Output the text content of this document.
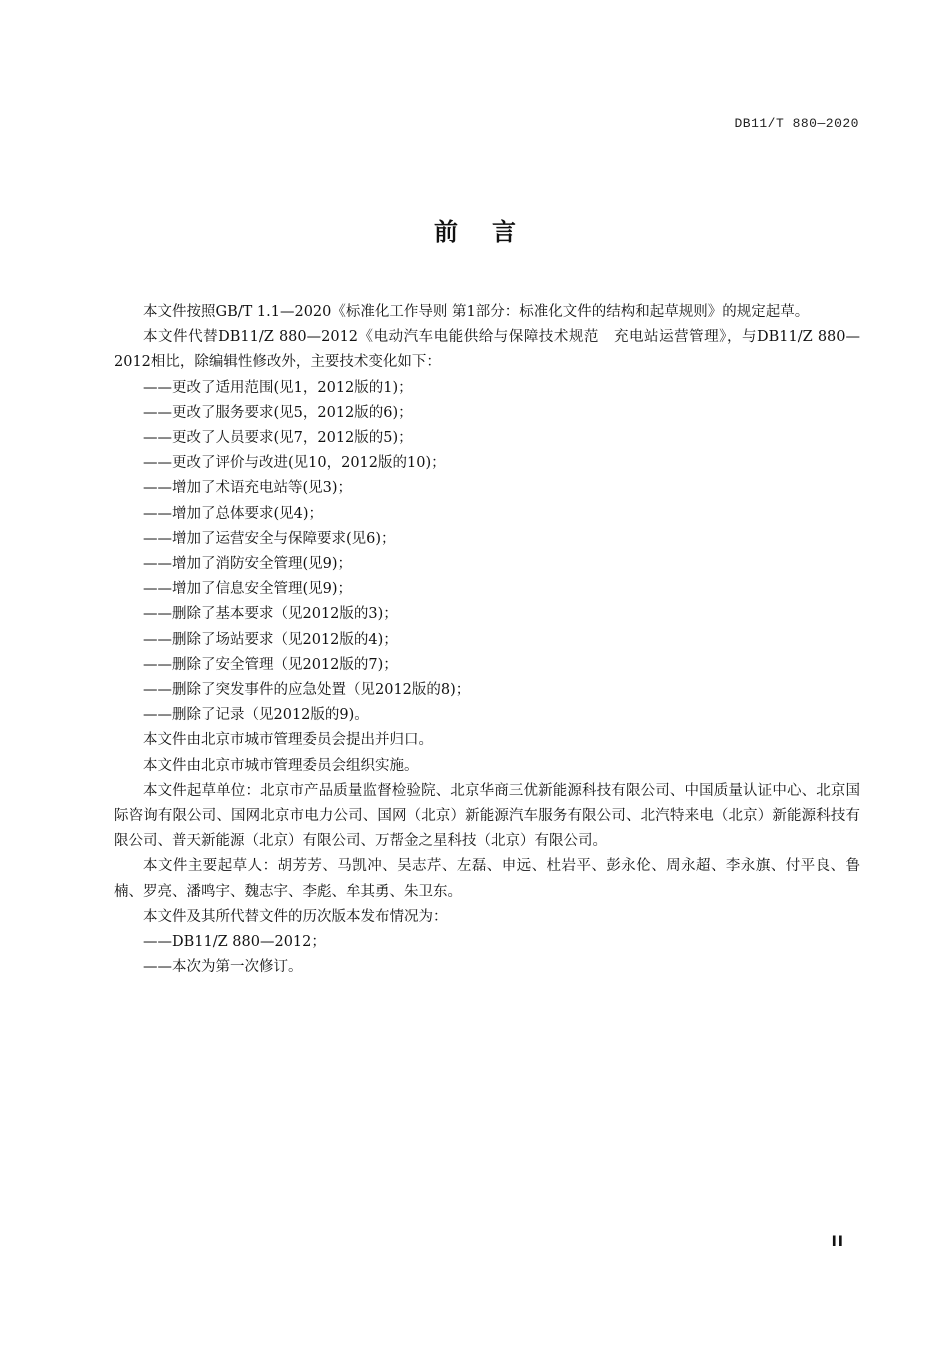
DB11/T 880—2020
前言

本文件按照GB/T 1.1—2020《标准化工作导则 第1部分：标准化文件的结构和起草规则》的规定起草。

本文件代替DB11/Z 880—2012《电动汽车电能供给与保障技术规范　充电站运营管理》，与DB11/Z 880—2012相比，除编辑性修改外，主要技术变化如下：

——更改了适用范围(见1，2012版的1)；

——更改了服务要求(见5，2012版的6)；

——更改了人员要求(见7，2012版的5)；

——更改了评价与改进(见10，2012版的10)；

——增加了术语充电站等(见3)；

——增加了总体要求(见4)；

——增加了运营安全与保障要求(见6)；

——增加了消防安全管理(见9)；

——增加了信息安全管理(见9)；

——删除了基本要求（见2012版的3)；

——删除了场站要求（见2012版的4)；

——删除了安全管理（见2012版的7)；

——删除了突发事件的应急处置（见2012版的8)；

——删除了记录（见2012版的9)。

本文件由北京市城市管理委员会提出并归口。

本文件由北京市城市管理委员会组织实施。

本文件起草单位：北京市产品质量监督检验院、北京华商三优新能源科技有限公司、中国质量认证中心、北京国际咨询有限公司、国网北京市电力公司、国网（北京）新能源汽车服务有限公司、北汽特来电（北京）新能源科技有限公司、普天新能源（北京）有限公司、万帮金之星科技（北京）有限公司。

本文件主要起草人：胡芳芳、马凯冲、吴志芹、左磊、申远、杜岩平、彭永伦、周永超、李永旗、付平良、鲁楠、罗亮、潘鸣宇、魏志宇、李彪、牟其勇、朱卫东。

本文件及其所代替文件的历次版本发布情况为：

——DB11/Z 880—2012；

——本次为第一次修订。

II
